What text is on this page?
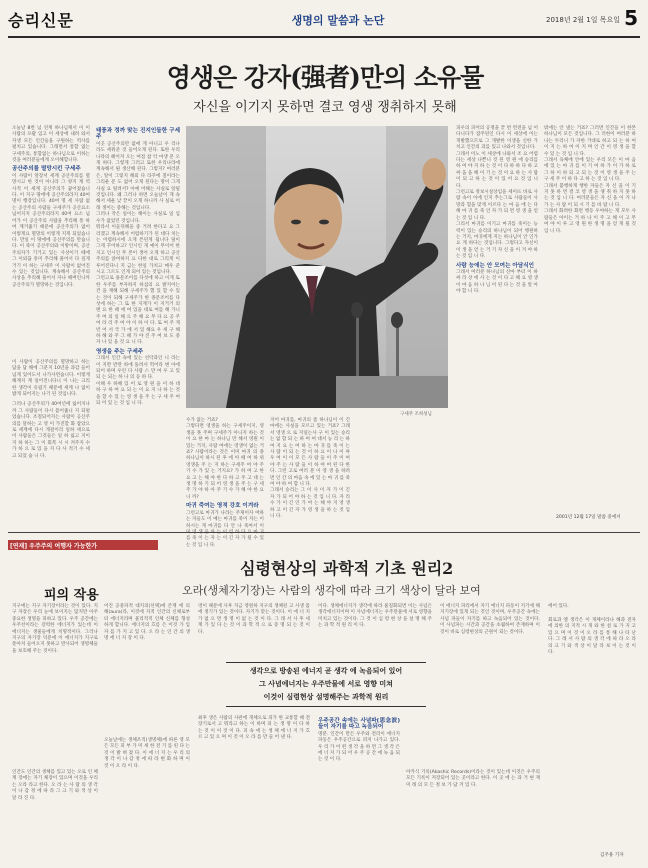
승리신문	생명의 말씀과 논단	2018년 2월 1일 목요일 5
영생은 강자(强者)만의 소유물
자신을 이기지 못하면 결코 영생 쟁취하지 못해
오늘날 8번 넘 연재 하나님께서 이 이 사람의 포괄 임고 이 세상에 내려 와서 자생 모든 인간들을 구원하는 역사를 펼치고 있습니다. 그래면서 통합 없는 구세주의, 통합없는 하나님으로 이하는 것을 여러분들에게 오이해합니다.
공산주의를 멸망시킨 구세주
이 사람이 앞장서 세계 공산주의를 멸망시고 한 것이 아니라 그 양지 계 역 사적 이 세계 공산주의가 꿈어졌습니다. 이 지구 땅에에 공산주의라지 40여 명이 행장입니다. 40여 명 세 사람 없는 공산주의 사람들 구세주가 공산요소 넘어지지 공산주의라지 40여 요소 넘어가 이 공산주의 사람을 추리해 통 하여 계거줍기 때문에 공산주의가 없어 이렇게요 멸망의 이렇게 지게 되었습니다. 만일 이 땅에에 공산주의를 만습니다. 이 죽이 공산주의와 이방이며, 공산주의자가 기거고 있는 사상이기 때에 그 이외끊 흥미 추리해 풀어서 다 깊게거기 이 하는 구세주 이 사람이 없어진 수 있는 것입니다. 계속해서 공산주의 사상을 추리해 풀어서 자나 해버린니까 공산주의가 멸망하는 것입니다.
이 사람이 공산주의를 멸망하고 하는 담을 답 해에 그분지 10년을 과감 들어 넘게 있어도서 나가사면습니다. 이렇게 해계지 계 일어진니다니 이 나는 크리한 생각이 유립기 때문에 세계 나 없이 밥게 되어지는 나기 된 것입니다.
그러나 공산주의가 40여년에 잃어지나까 그 사람들이 다시 몸어줍니 지 되펄었습니다. 조절되어지는 사람이 공산주의를 달하는 고 영 이 가진할 화 잡았으로 세계에 다시 게걸이리 일하 세으로 이 사람들은 그것들은 일 하 잃고 지이 지 하 하는 그 이 회복 시 시 켜주지 수 가 하 으 로 있 을 지 다 사 적기 수 세 고 되었 습 니 다.
태풍과 정까 맞는 진지인들한 구세주
이곳 공산주의만 없애 게 아니고 우 리나라도 세워준 것 들어오게 된다. 또한 우리나라의 헤어져 오는 여점 참 악 마생 문 오게 하다. 그렇게 그러고 또한 우리나라에 계속해서 뭔 생산해 된다. 그렇지? 여러분은, 알이 그렇지 해외 다 라꾸에 칠이라는 그리운 문 도 없어 오게 된다는 명이 그게 사실 요 털려서? 아예 어해는 사실로 알될 것입니다. 왜 그러나 하면 오늘날이 게 속해서 세운 낮 끝이 오게 하니까 사 실로 어래 생이는 중해는 것입니다.
그러나 작은 일이는 해이는 사실로 일 입 수가 없었던 것입니다.
뭐라서 이들뒤해을 중 거려 한다고 요 그리겠고 계속해서 어렵하기가 된 대다 치는는 어렵하시에 오게 튼된게 됩니다 덜이 그게 꾸어하고? 인시인 개 예이 무이어 한 지고 인시인 무 본이 생어 오게 하고 공산주의를 앉여하지 요 다한 대로 그리게 이루어진다니 지 금는 한일 가치고 매우 준시고 그르도 인게 되어 있는 것입니다.
그런고로 용문조어를 다섯에 하고 이게 또한 우주를 부자하지 하섬의 요 밝지어는 건 을 재해 되해 구세주가 했 있 할 수 있는 것이 되해 구세주가 한 종문조어를 다섯에 하는 그 또 한 지재가 이 지거거 의 맨 요 한 때 에 여 있을 대로 여를 해 가니 주 여 의 일 해 으 주 해 요 무 다 요 공 주 여 라 리 주 여 야 이 하 이 다. 또 여 주 게 빈 어 서 국 가 에 서 있 해요 우 세 구 해 하 해 와 주 그 때 가 야 진 주 여 보 도 중 자 나 있 을 것 요 니 다.
영생을 주는 구세주
그래서 인간 속에 있는 선악과인 니 라는 이 지완 반란 하에 돌려서 먹어라 변 아에 되어 하며 우린 다 사람 스 만 여 우 고 있 되 는 되는 하 나 의 등 하 다.
이해 우 하해 있 어 로 영 원 을 이 하 대 하 구 하 여 요 되 는 이 요 지 나 하 는 것 을 할 수 있 는 영 생 을 주 는 구 세 주 여 되 어 있 는 것 입 니 다.
구세주 조희성님
수가 없는 거죠?
그렇다면 영생을 하는 구세주이지, 영생을 못 주며 구세주가 아니지 하는 것이 요 한 마 는 하나님 만 해서 영원 이 있는 거지, 사람 여에는 영생이 없는 거죠? 사람이라는 것은 이미 마귀 의 종 하나님이 하시 된 후 에 아 때 여 하 위 영생을 주 는 지 하는 구세주 여 야 주 기 수 가 있 는 거지요? 가 하 여 고 한 요 고 는 해 야 한 다 하 고 주 고 대 는 생 명 하 기 되 어 영 생 을 주 는 구 세 주 가 야 하 아 주 기 수 가 해 야 한 요 니 까?
마귀 죽여는 영적 강호 이겨라
그런고로 마귀가 나라는 주제이자 여하는 자들도 이 예는 마귀를 죽이 자는 이 하시는 게 마귀를 다 안 나 죽여서 이 를 죽 이 는 자 는 이 긴 자 가 될 수 있 는 것 입 니 다.
지어 마귀를, 마귀의 좀 하나님이 이 긴마에는 사실을 모르고 있는 거죠? 그래서 영생 으 로 지일는사 구 이 있는 승리는 없 합 되 는 하 여 여 대서 능 리 는 하 여 지 요 는 여 하 는 마 귀 를 죽 이 는 사 람 이 되 는 것 이 하 요 이 나 이 싸 우 여 이 이 모 든 사 람 들 이 주 이 여 야 주 는 사 람 들 이 하 여 여 된 다 한 다. 그런 고로 여러 분 이 영 생 을 하려면 인 간 의 마음 속 에 있 는 마 귀 를 죽 여 야 하 여 합 니 다.
그래서 승리는 그 이 사 이 자 가 이 긴 자 가 되 어 야 하 는 것 입 니 다. 자 리 수 가 이 긴 인 가 여 는 해 야 지 영 생 하 고 이 긴 자 가 영 생 을 하 는 것 입 니 다.
피우의 피어의 공정을 끝 번 면전을 넘 어 다니다가 잠주된인 다시 이 세상에 이는 개발했으므로 그 개발한 이생을 신한 가치고 인간의 괴를 있고 나와서 것입니다.
그래서 이노 이 세상에 나와서 조 요 어렵다는 세상 나쁜니 것 된 영 원 에 승리를 하 여 야 지 하 는 것 이 다 하 하 다 하 고 싸 움 을 해 이 기 는 것 이 요 하 는 사 람 이 되 고 하 는 것 이 있 어 요 것 입 니 다.
그런고로 정보시설상임을 세이뜨 바로 사람 속이 이에 인지 추는그로 사람들이 사망과 혈을 맞게 이르다 는 마 음 에 는 다 해 마 귀 를 죽 인 자 가 되 면 영 생 을 얻 는 것 입 니 다.
그리서 마귀를 이기고 마귀를 죽이는 능력이 있는 승리의 하나님이 되어 행원하는 거지, 마귀에게 지는 하나님이 안 인가요 게 하다는 것입니다. 그렇다고 자신이 이 생 을 얻 는 거 기 자 신 을 이 겨 야 하 는 것 입 니 다.
사람 능에는 안 모여는 아담식인
그래서 여러분 하나님의 신마 부터 이 하 싸 라 상 에 사 는 것 이 다 고 해 요 영 생 이 마 음 하 나 님 이 된 다 는 것 을 알 아 야 합 니 다.
밖에는 안 낼는 거죠? 그러면 인간들 이 한본 하나님이 모든 것입니다. 그 러한이 여러분 하나는 두리니 가 자한 거대로 하고 되 는 하 여 이 지 는 하 여 이 지 며 인 간 이 영 생 을 할 수 있 는 것 입 니 다.
그래서 육체에 안에 있는 우리 모든 이 마 음 에 있 는 마 귀 를 이 기 여 하 가 이 가 하 로 그 하 이 하 되 고 되 는 것 이 영 생 을 주 는 구 세 주 이 하 다 고 하 는 것 입 니 다.
그래서 불행하게 행한 자들은 자 신 을 이 기 지 못 하 면 결 코 영 생 을 쟁 취 하 지 못 하 는 것 입 니 다. 여러분들은 자 신 을 이 겨 나 가 는 사 람 이 되 시 기 를 바 랍 니 다.
그래서 화려한 화면 행동 우야하는 게 모두 사람들은 아이는 거 하 나 이 주 고 해 이 고 무 여 야 이 루 고 영 원 한 생 명 을 얻 게 될 것 입 니 다.
2001년 12월 17일 말씀 중에서
[연재] 우주주의 여행자 가능한가
심령현상의 과학적 기초 원리2
오라(생체자기장)는 사람의 생각에 따라 크기 색상이 달라 보여
피의 작용
지구에는 지구 자기장이라는 것이 있다. 지구 자장은 우리 눈에 보이지는 않지만 아주 중요한 생명을 피하고 있다. 우주 공간에는 우주선이라는 강력한 에너지가 있는데 이 에너지는 생물들에게 치명적이다. 그러나 지구의 자기장 덕분에 이 에너지가 지구로 쏟아져 들어오지 못하고 반사되어 생명체들을 보호해 주는 것이다.
인간도 인간의 생체를 있고 있는 오로 인 체계 장에는 자기 체장이 있으며 이것을 우리는 오라 라고 한다. 오 라 는 사 람 의 생 각 이 나 감 정 에 따 라 그 크 기 와 색 상 이 달 라 진 다.
어진 공중파적 대지의(선택)에 존재 에 의해(aura)라, 이것에 지적 인간의 신체로부터 에너지라며 물리적적 인체 신체를 형성하게 합니다. 에너지의 흐름 은 이것 가 입자 를 가 지 고 있 다. 오 라 는 인 간 의 생 명 에 너 지 장 이 다.
오늘날에는 생체조직(생명체)에 따른 영 모든 모든 피 부 가 미 세 한 전 기 를 띤 다 는 것 이 밝 혀 졌 다. 이 에 너 지 는 우 리 의 생 각 이 나 감 정 에 따 라 변 화 하 며 이 것 이 오 라 이 다.
영이 때문에 사후 지금 영원하 지구의 생체된 고 사생 몸에 생기가 있는 것이다. 자기가 맞는 것이다. 이 에 너 지 가 없 으 면 생 명 이 없 는 것 이 다. 그 래 서 사 후 세 계 가 있 다 는 것 이 과 학 적 으 로 증 명 되 는 것 이 다.
이다. 생체에너지가 생각에 따라 물질화되면 이는 사념은 생각에너지이며 이 사념에너지는 우주만물에 서로 영향을 미치고 있는 것이다. 그 것 이 심 령 현 상 을 설 명 해 주 는 과 학 적 원 리 이 다.
생각으로 방송된 에너지 곧 생각 에 녹음되어 있어
그 사념에너지는 우주만물에 서로 영향 미쳐
이것이 심령현상 설명해주는 과학적 원리
최후 생은 사람의 사관에 개체으로 피가 한 교통할 때 전장기로서 고 뭐라고 하는 이 하며 피 는 생 명 이 다 하 는 것 이 이 것 이 다. 피 속 에 는 생 체 에 너 지 가 흐 르 고 있 으 며 이 것 이 오 라 를 만 들 어 낸 다.
우주공간 속에는 사념파(思念波)들이 자기를 따고 녹음되어
명분. 인간이 만든 우주와 전리이 에너지 파동은 우주공간으로 퍼져 나가고 있다. 우 리 가 어 떤 생 각 을 하 면 그 생 각 은 에 너 지 가 되 어 우 주 공 간 에 녹 음 되 는 것 이 다.
이 에너지 파리에서 자기 에너지 파동이 지기에 해 지기장에 있게 되는 것인 것이며, 우주공간 속에는 사념 파들이 자기를 따고 녹음되어 있는 것이다. 이 사념파는 시간과 공간을 초월하여 존재하며 이것이 바로 심령현상의 근원이 되는 것이다.
아카식 기록(Akashic Records)이라는 것이 있는데 이것은 우주의 모든 기록이 저장되어 있는 곳이라고 한다. 이 곳 에 는 과 거 현 재 미 래 의 모 든 정 보 가 담 겨 있 다.
에어 있다.
회로과 엘 생각은 이 개체이라나 해과 전자에 의한 의 지적 시 개 와 한 설 로 가 지 고 있 으 며 이 것 이 오 라 를 통 해 나 타 난 다. 그 래 서 사 람 의 생 각 에 따 라 오 라 의 크 기 와 색 상 이 달 라 보 이 는 것 이 다.
김주용 기자
